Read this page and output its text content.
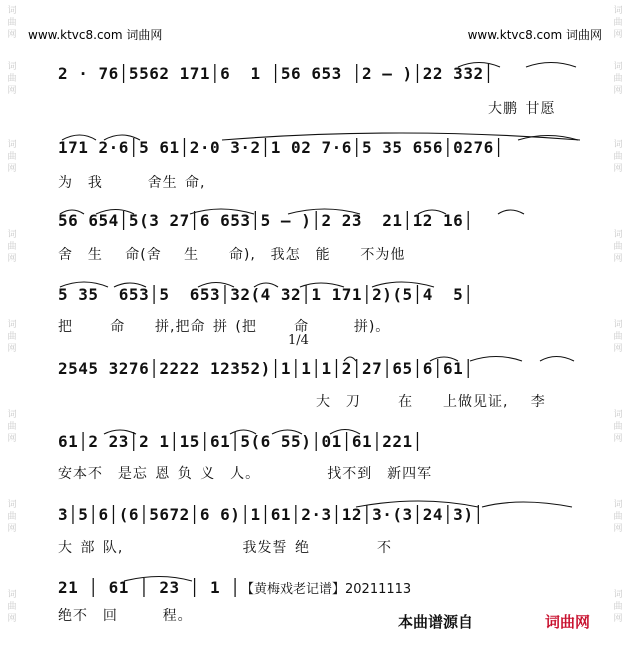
词
曲
网
词
曲
网
词
曲
网
词
曲
网
词
曲
网
词
曲
网
词
曲
网
词
曲
网
词
曲
网
词
曲
网
词
曲
网
词
曲
网
词
曲
网
词
曲
网
词
曲
网
词
曲
网
www.ktvc8.com 词曲网	www.ktvc8.com 词曲网
2 · 76│5562 171│6  1 │56 653 │2 – )│22 332│
大鹏 甘愿
171 2·6│5 61│2·0 3·2│1 02 7·6│5 35 656│0276│
为  我      舍生 命,
56 654│5(3 27│6 653│5 – )│2 23  21│12 16│
舍  生   命(舍   生    命),  我怎  能    不为他
5 35  653│5  653│32(4 32│1 171│2)(5│4  5│
把     命    拼,把命 拼 (把     命      拼)。
1/4
2545 3276│2222 12352)│1│1│1│2│27│65│6│61│
大  刀     在    上做见证,   李
61│2 23│2 1│15│61│5(6 55)│01│61│221│
安本不  是忘 恩 负 义  人。         找不到  新四军
3│5│6│(6│5672│6 6)│1│61│2·3│12│3·(3│24│3)│
大 部 队,                我发誓 绝         不
21 │ 61 │ 23 │ 1 │
绝不  回      程。
【黄梅戏老记谱】20211113
本曲谱源自	词曲网
